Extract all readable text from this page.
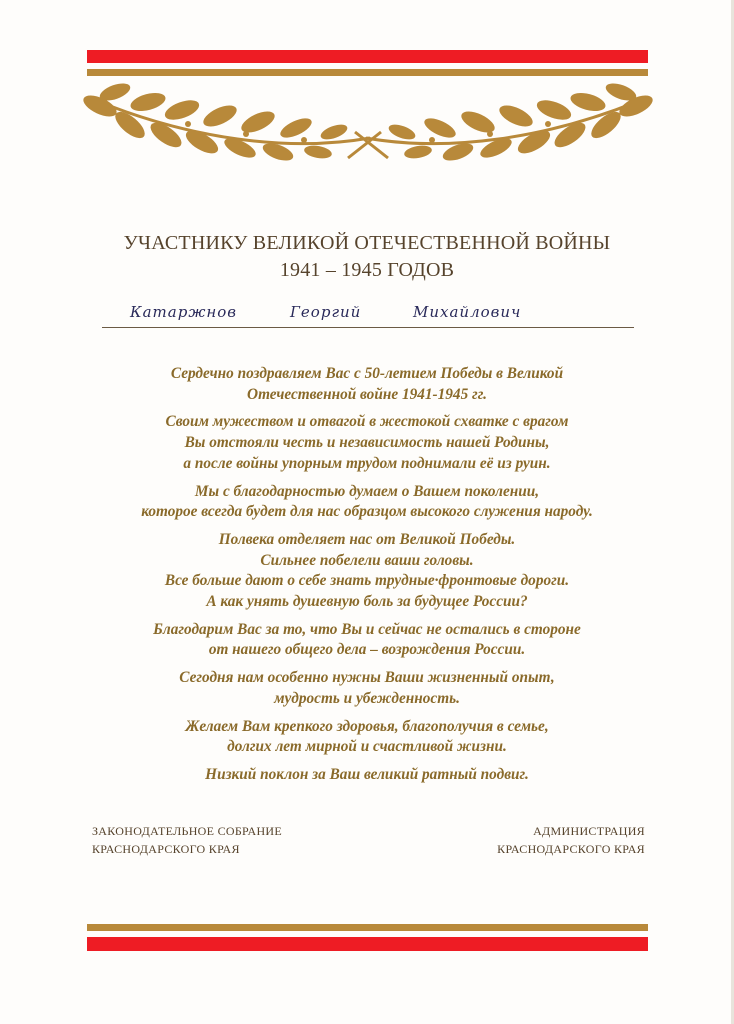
УЧАСТНИКУ ВЕЛИКОЙ ОТЕЧЕСТВЕННОЙ ВОЙНЫ
1941 – 1945 ГОДОВ
Катаржнов	Георгий	Михайлович

Сердечно поздравляем Вас с 50-летием Победы в Великой
Отечественной войне 1941-1945 гг.

Своим мужеством и отвагой в жестокой схватке с врагом
Вы отстояли честь и независимость нашей Родины,
а после войны упорным трудом поднимали её из руин.

Мы с благодарностью думаем о Вашем поколении,
которое всегда будет для нас образцом высокого служения народу.

Полвека отделяет нас от Великой Победы.
Сильнее побелели ваши головы.
Все больше дают о себе знать трудные·фронтовые дороги.
А как унять душевную боль за будущее России?

Благодарим Вас за то, что Вы и сейчас не остались в стороне
от нашего общего дела – возрождения России.

Сегодня нам особенно нужны Ваши жизненный опыт,
мудрость и убежденность.

Желаем Вам крепкого здоровья, благополучия в семье,
долгих лет мирной и счастливой жизни.

Низкий поклон за Ваш великий ратный подвиг.

ЗАКОНОДАТЕЛЬНОЕ СОБРАНИЕ
КРАСНОДАРСКОГО КРАЯ
АДМИНИСТРАЦИЯ
КРАСНОДАРСКОГО КРАЯ
